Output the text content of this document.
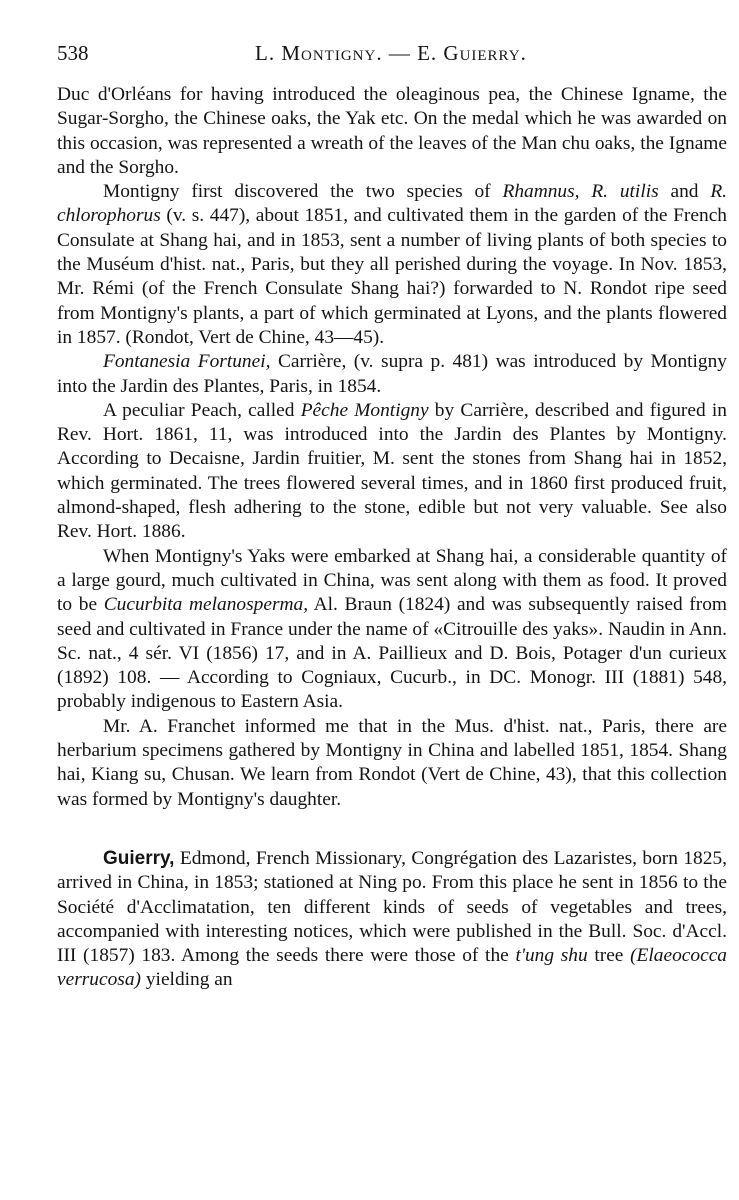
538	L. Montigny. — E. Guierry.

Duc d'Orléans for having introduced the oleaginous pea, the Chinese Igname, the Sugar-Sorgho, the Chinese oaks, the Yak etc. On the medal which he was awarded on this occasion, was represented a wreath of the leaves of the Man chu oaks, the Igname and the Sorgho.

Montigny first discovered the two species of Rhamnus, R. utilis and R. chlorophorus (v. s. 447), about 1851, and cultivated them in the garden of the French Consulate at Shang hai, and in 1853, sent a number of living plants of both species to the Muséum d'hist. nat., Paris, but they all perished during the voyage. In Nov. 1853, Mr. Rémi (of the French Consulate Shang hai?) forwarded to N. Rondot ripe seed from Montigny's plants, a part of which germinated at Lyons, and the plants flowered in 1857. (Rondot, Vert de Chine, 43—45).

Fontanesia Fortunei, Carrière, (v. supra p. 481) was introduced by Montigny into the Jardin des Plantes, Paris, in 1854.

A peculiar Peach, called Pêche Montigny by Carrière, described and figured in Rev. Hort. 1861, 11, was introduced into the Jardin des Plantes by Montigny. According to Decaisne, Jardin fruitier, M. sent the stones from Shang hai in 1852, which germinated. The trees flowered several times, and in 1860 first produced fruit, almond-shaped, flesh adhering to the stone, edible but not very valuable. See also Rev. Hort. 1886.

When Montigny's Yaks were embarked at Shang hai, a considerable quantity of a large gourd, much cultivated in China, was sent along with them as food. It proved to be Cucurbita melanosperma, Al. Braun (1824) and was subsequently raised from seed and cultivated in France under the name of «Citrouille des yaks». Naudin in Ann. Sc. nat., 4 sér. VI (1856) 17, and in A. Paillieux and D. Bois, Potager d'un curieux (1892) 108. — According to Cogniaux, Cucurb., in DC. Monogr. III (1881) 548, probably indigenous to Eastern Asia.

Mr. A. Franchet informed me that in the Mus. d'hist. nat., Paris, there are herbarium specimens gathered by Montigny in China and labelled 1851, 1854. Shang hai, Kiang su, Chusan. We learn from Rondot (Vert de Chine, 43), that this collection was formed by Montigny's daughter.

Guierry, Edmond, French Missionary, Congrégation des Lazaristes, born 1825, arrived in China, in 1853; stationed at Ning po. From this place he sent in 1856 to the Société d'Acclimatation, ten different kinds of seeds of vegetables and trees, accompanied with interesting notices, which were published in the Bull. Soc. d'Accl. III (1857) 183. Among the seeds there were those of the t'ung shu tree (Elaeococca verrucosa) yielding an
